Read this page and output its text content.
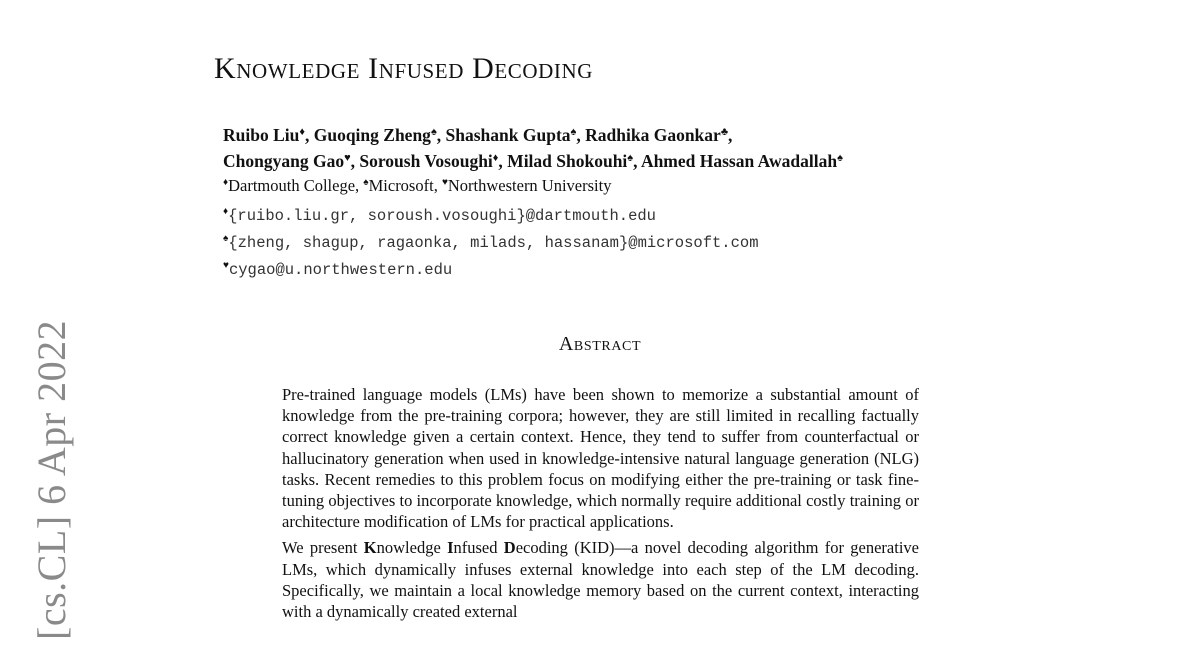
[cs.CL] 6 Apr 2022
Knowledge Infused Decoding
Ruibo Liu♦, Guoqing Zheng♠, Shashank Gupta♠, Radhika Gaonkar♣,
Chongyang Gao♥, Soroush Vosoughi♦, Milad Shokouhi♠, Ahmed Hassan Awadallah♠
♦Dartmouth College, ♠Microsoft, ♥Northwestern University
♦{ruibo.liu.gr, soroush.vosoughi}@dartmouth.edu
♠{zheng, shagup, ragaonka, milads, hassanam}@microsoft.com
♥cygao@u.northwestern.edu
Abstract

Pre-trained language models (LMs) have been shown to memorize a substantial amount of knowledge from the pre-training corpora; however, they are still limited in recalling factually correct knowledge given a certain context. Hence, they tend to suffer from counterfactual or hallucinatory generation when used in knowledge-intensive natural language generation (NLG) tasks. Recent remedies to this problem focus on modifying either the pre-training or task fine-tuning objectives to incorporate knowledge, which normally require additional costly training or architecture modification of LMs for practical applications.

We present Knowledge Infused Decoding (KID)—a novel decoding algorithm for generative LMs, which dynamically infuses external knowledge into each step of the LM decoding. Specifically, we maintain a local knowledge memory based on the current context, interacting with a dynamically created external
